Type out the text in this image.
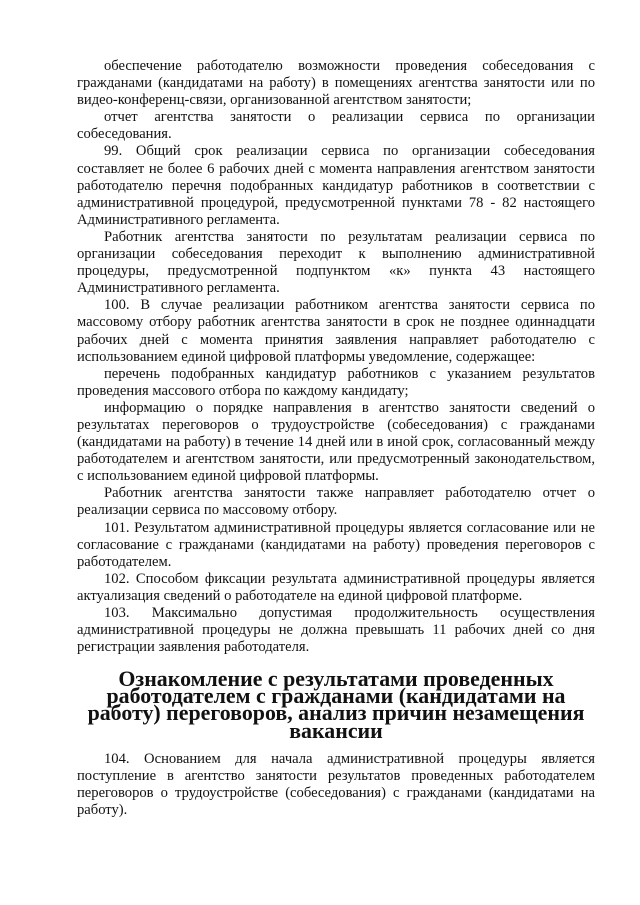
обеспечение работодателю возможности проведения собеседования с гражданами (кандидатами на работу) в помещениях агентства занятости или по видео-конференц-связи, организованной агентством занятости;

отчет агентства занятости о реализации сервиса по организации собеседования.

99. Общий срок реализации сервиса по организации собеседования составляет не более 6 рабочих дней с момента направления агентством занятости работодателю перечня подобранных кандидатур работников в соответствии с административной процедурой, предусмотренной пунктами 78 - 82 настоящего Административного регламента.

Работник агентства занятости по результатам реализации сервиса по организации собеседования переходит к выполнению административной процедуры, предусмотренной подпунктом «к» пункта 43 настоящего Административного регламента.

100. В случае реализации работником агентства занятости сервиса по массовому отбору работник агентства занятости в срок не позднее одиннадцати рабочих дней с момента принятия заявления направляет работодателю с использованием единой цифровой платформы уведомление, содержащее:

перечень подобранных кандидатур работников с указанием результатов проведения массового отбора по каждому кандидату;

информацию о порядке направления в агентство занятости сведений о результатах переговоров о трудоустройстве (собеседования) с гражданами (кандидатами на работу) в течение 14 дней или в иной срок, согласованный между работодателем и агентством занятости, или предусмотренный законодательством, с использованием единой цифровой платформы.

Работник агентства занятости также направляет работодателю отчет о реализации сервиса по массовому отбору.

101. Результатом административной процедуры является согласование или не согласование с гражданами (кандидатами на работу) проведения переговоров с работодателем.

102. Способом фиксации результата административной процедуры является актуализация сведений о работодателе на единой цифровой платформе.

103. Максимально допустимая продолжительность осуществления административной процедуры не должна превышать 11 рабочих дней со дня регистрации заявления работодателя.

Ознакомление с результатами проведенных работодателем с гражданами (кандидатами на работу) переговоров, анализ причин незамещения вакансии

104. Основанием для начала административной процедуры является поступление в агентство занятости результатов проведенных работодателем переговоров о трудоустройстве (собеседования) с гражданами (кандидатами на работу).
